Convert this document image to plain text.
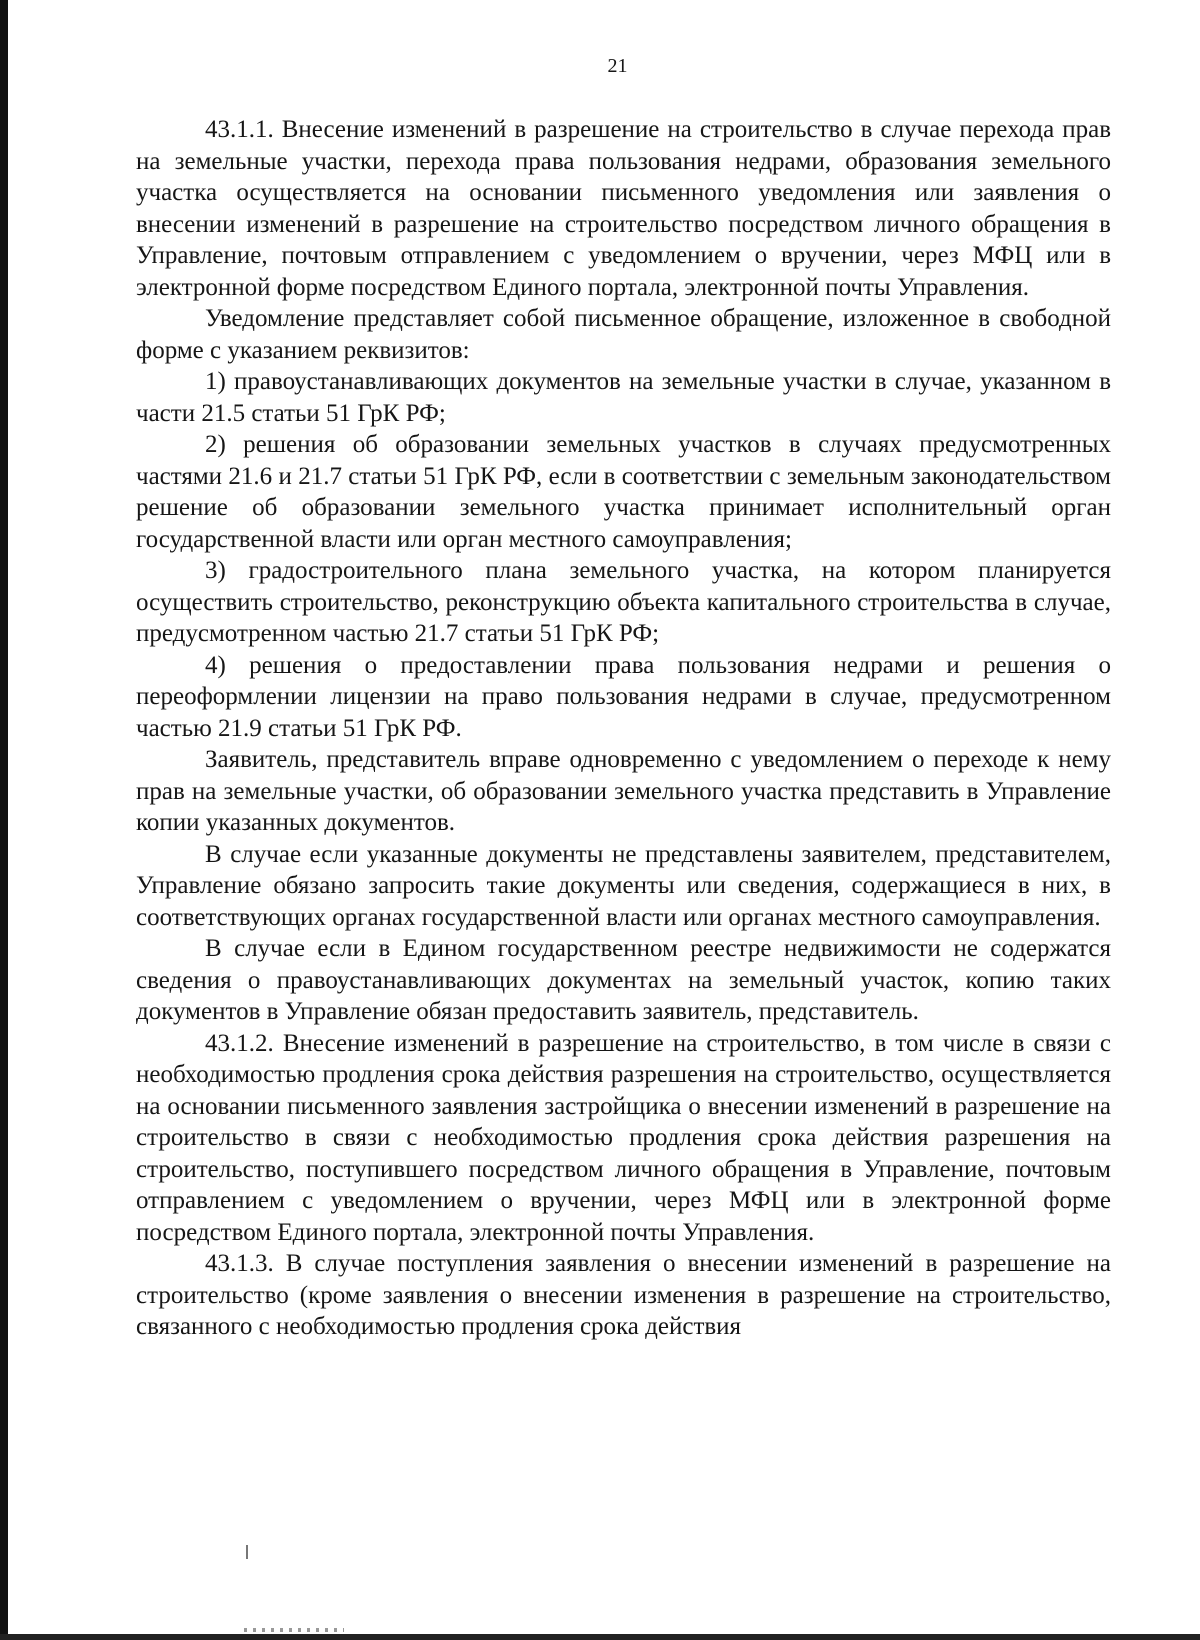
21

43.1.1. Внесение изменений в разрешение на строительство в случае перехода прав на земельные участки, перехода права пользования недрами, образования земельного участка осуществляется на основании письменного уведомления или заявления о внесении изменений в разрешение на строительство посредством личного обращения в Управление, почтовым отправлением с уведомлением о вручении, через МФЦ или в электронной форме посредством Единого портала, электронной почты Управления.

Уведомление представляет собой письменное обращение, изложенное в свободной форме с указанием реквизитов:

1) правоустанавливающих документов на земельные участки в случае, указанном в части 21.5 статьи 51 ГрК РФ;

2) решения об образовании земельных участков в случаях предусмотренных частями 21.6 и 21.7 статьи 51 ГрК РФ, если в соответствии с земельным законодательством решение об образовании земельного участка принимает исполнительный орган государственной власти или орган местного самоуправления;

3) градостроительного плана земельного участка, на котором планируется осуществить строительство, реконструкцию объекта капитального строительства в случае, предусмотренном частью 21.7 статьи 51 ГрК РФ;

4) решения о предоставлении права пользования недрами и решения о переоформлении лицензии на право пользования недрами в случае, предусмотренном частью 21.9 статьи 51 ГрК РФ.

Заявитель, представитель вправе одновременно с уведомлением о переходе к нему прав на земельные участки, об образовании земельного участка представить в Управление копии указанных документов.

В случае если указанные документы не представлены заявителем, представителем, Управление обязано запросить такие документы или сведения, содержащиеся в них, в соответствующих органах государственной власти или органах местного самоуправления.

В случае если в Едином государственном реестре недвижимости не содержатся сведения о правоустанавливающих документах на земельный участок, копию таких документов в Управление обязан предоставить заявитель, представитель.

43.1.2. Внесение изменений в разрешение на строительство, в том числе в связи с необходимостью продления срока действия разрешения на строительство, осуществляется на основании письменного заявления застройщика о внесении изменений в разрешение на строительство в связи с необходимостью продления срока действия разрешения на строительство, поступившего посредством личного обращения в Управление, почтовым отправлением с уведомлением о вручении, через МФЦ или в электронной форме посредством Единого портала, электронной почты Управления.

43.1.3. В случае поступления заявления о внесении изменений в разрешение на строительство (кроме заявления о внесении изменения в разрешение на строительство, связанного с необходимостью продления срока действия
